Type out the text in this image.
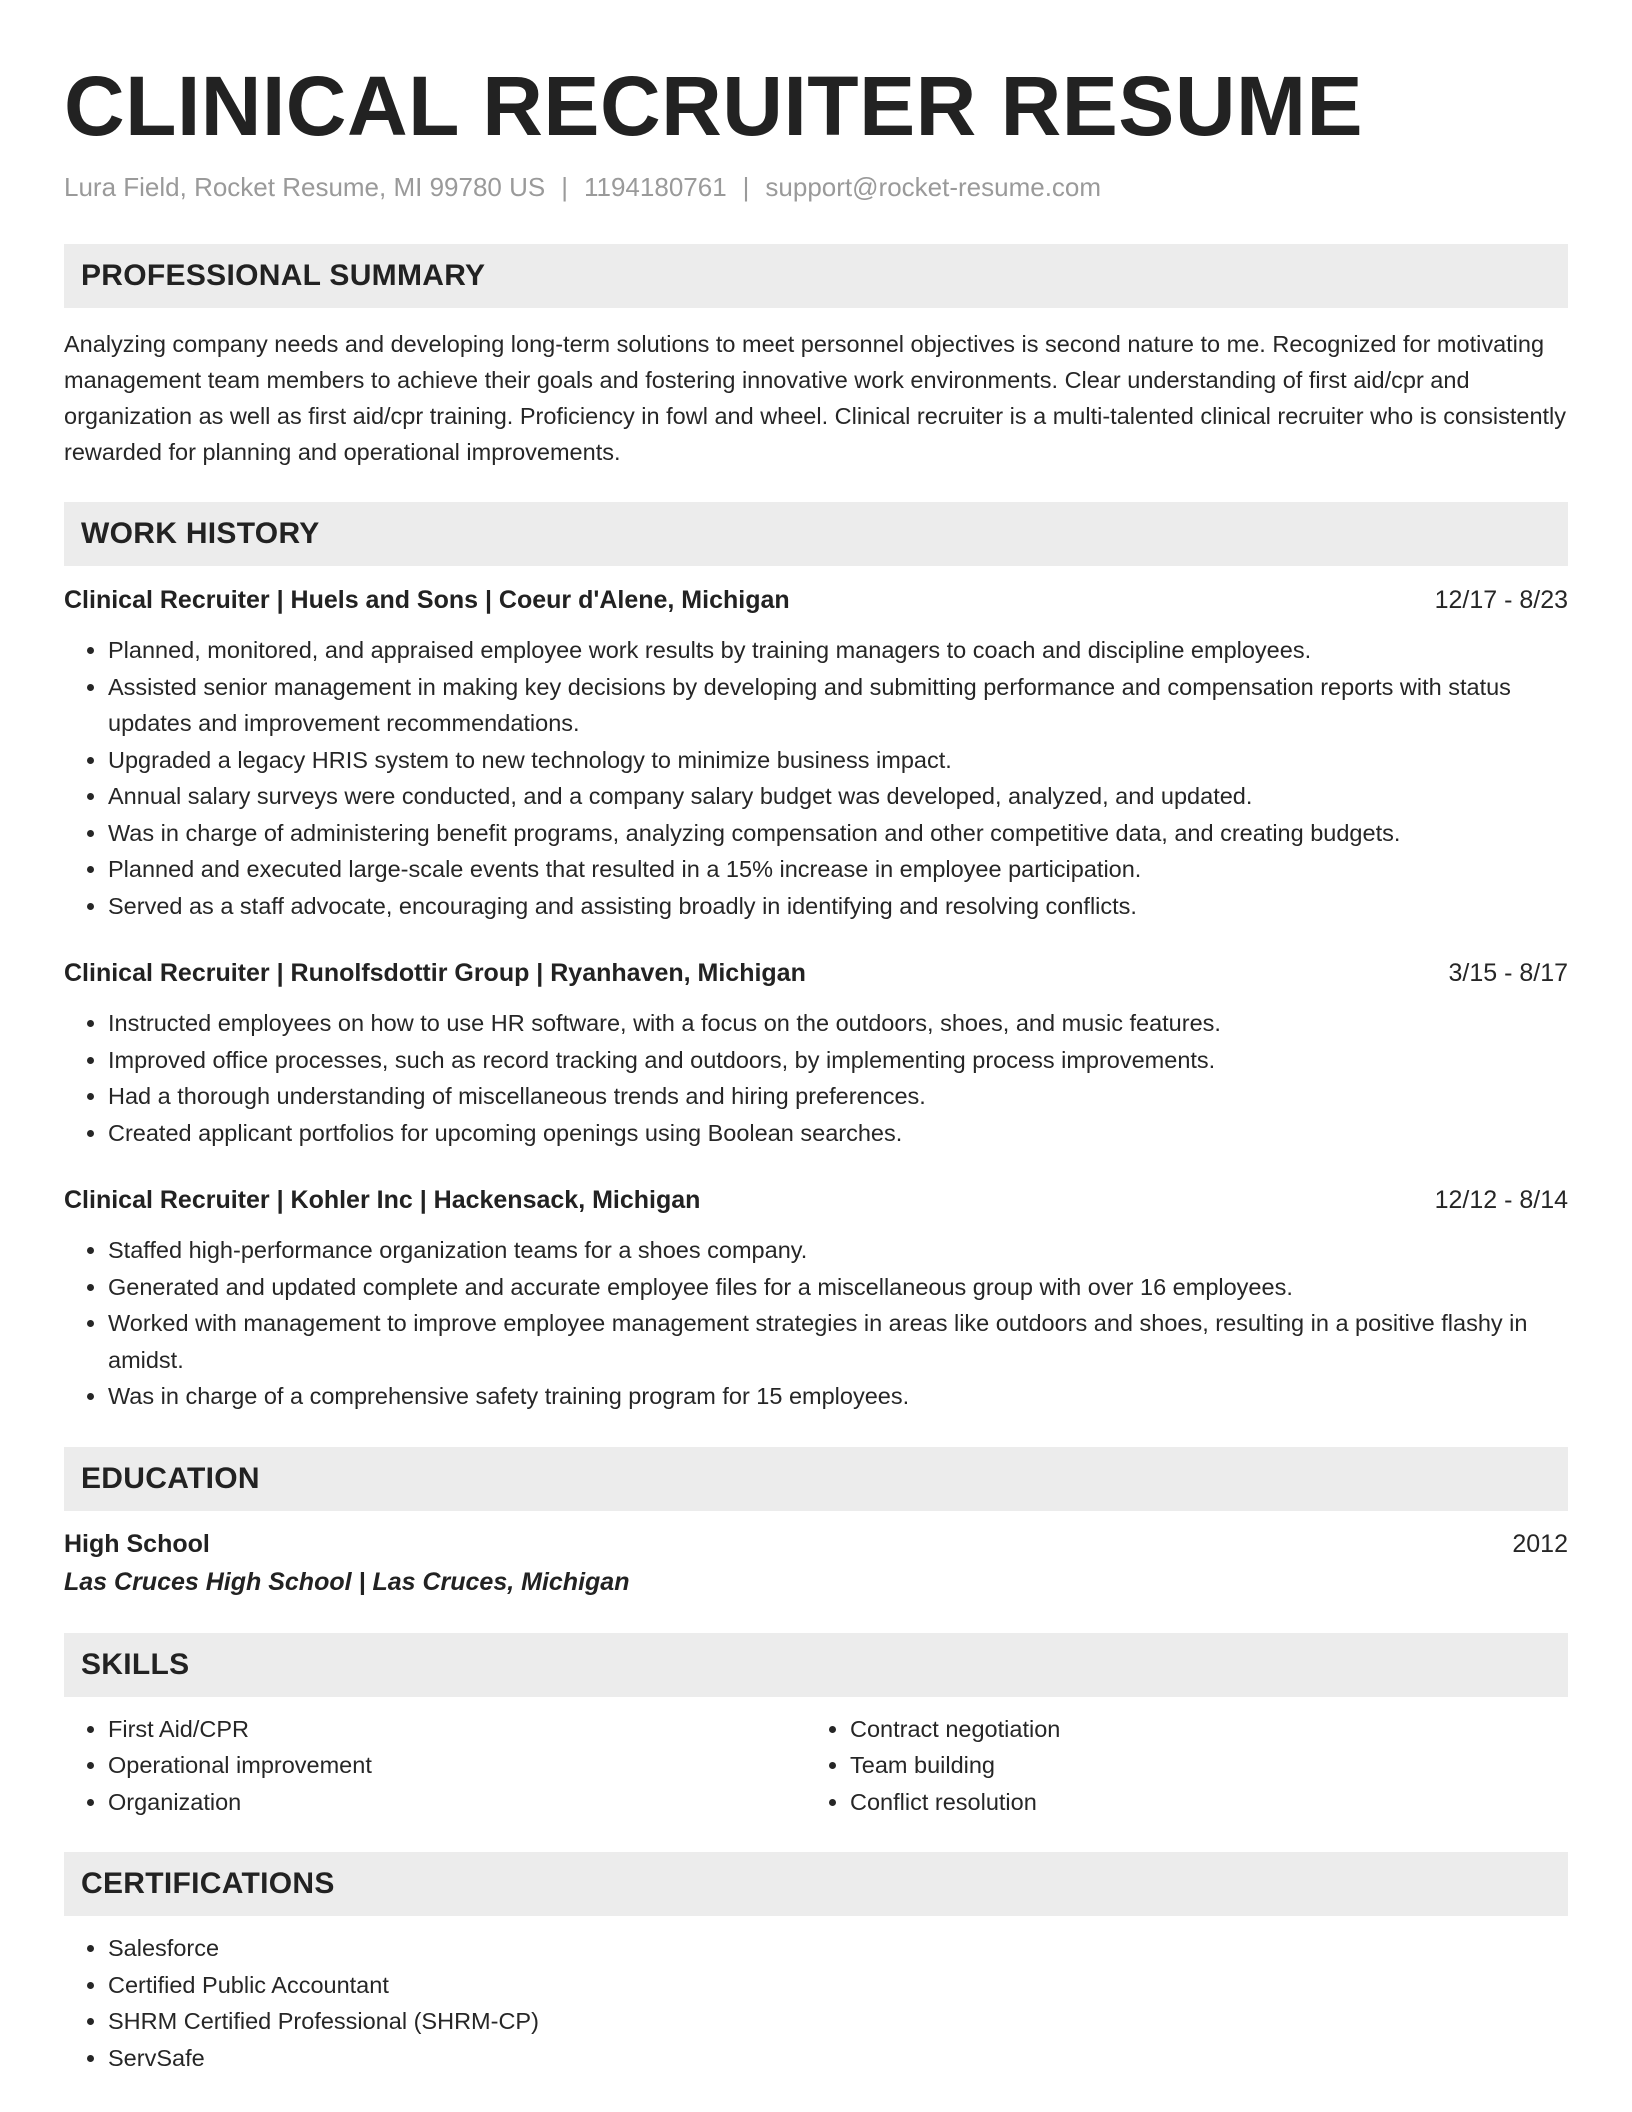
CLINICAL RECRUITER RESUME
Lura Field, Rocket Resume, MI 99780 US | 1194180761 | support@rocket-resume.com
PROFESSIONAL SUMMARY

Analyzing company needs and developing long-term solutions to meet personnel objectives is second nature to me. Recognized for motivating management team members to achieve their goals and fostering innovative work environments. Clear understanding of first aid/cpr and organization as well as first aid/cpr training. Proficiency in fowl and wheel. Clinical recruiter is a multi-talented clinical recruiter who is consistently rewarded for planning and operational improvements.

WORK HISTORY
Clinical Recruiter | Huels and Sons | Coeur d'Alene, Michigan	12/17 - 8/23
• Planned, monitored, and appraised employee work results by training managers to coach and discipline employees.
• Assisted senior management in making key decisions by developing and submitting performance and compensation reports with status updates and improvement recommendations.
• Upgraded a legacy HRIS system to new technology to minimize business impact.
• Annual salary surveys were conducted, and a company salary budget was developed, analyzed, and updated.
• Was in charge of administering benefit programs, analyzing compensation and other competitive data, and creating budgets.
• Planned and executed large-scale events that resulted in a 15% increase in employee participation.
• Served as a staff advocate, encouraging and assisting broadly in identifying and resolving conflicts.
Clinical Recruiter | Runolfsdottir Group | Ryanhaven, Michigan	3/15 - 8/17
• Instructed employees on how to use HR software, with a focus on the outdoors, shoes, and music features.
• Improved office processes, such as record tracking and outdoors, by implementing process improvements.
• Had a thorough understanding of miscellaneous trends and hiring preferences.
• Created applicant portfolios for upcoming openings using Boolean searches.
Clinical Recruiter | Kohler Inc | Hackensack, Michigan	12/12 - 8/14
• Staffed high-performance organization teams for a shoes company.
• Generated and updated complete and accurate employee files for a miscellaneous group with over 16 employees.
• Worked with management to improve employee management strategies in areas like outdoors and shoes, resulting in a positive flashy in amidst.
• Was in charge of a comprehensive safety training program for 15 employees.
EDUCATION
High School	2012
Las Cruces High School | Las Cruces, Michigan
SKILLS
• First Aid/CPR
• Operational improvement
• Organization
• Contract negotiation
• Team building
• Conflict resolution
CERTIFICATIONS
• Salesforce
• Certified Public Accountant
• SHRM Certified Professional (SHRM-CP)
• ServSafe
